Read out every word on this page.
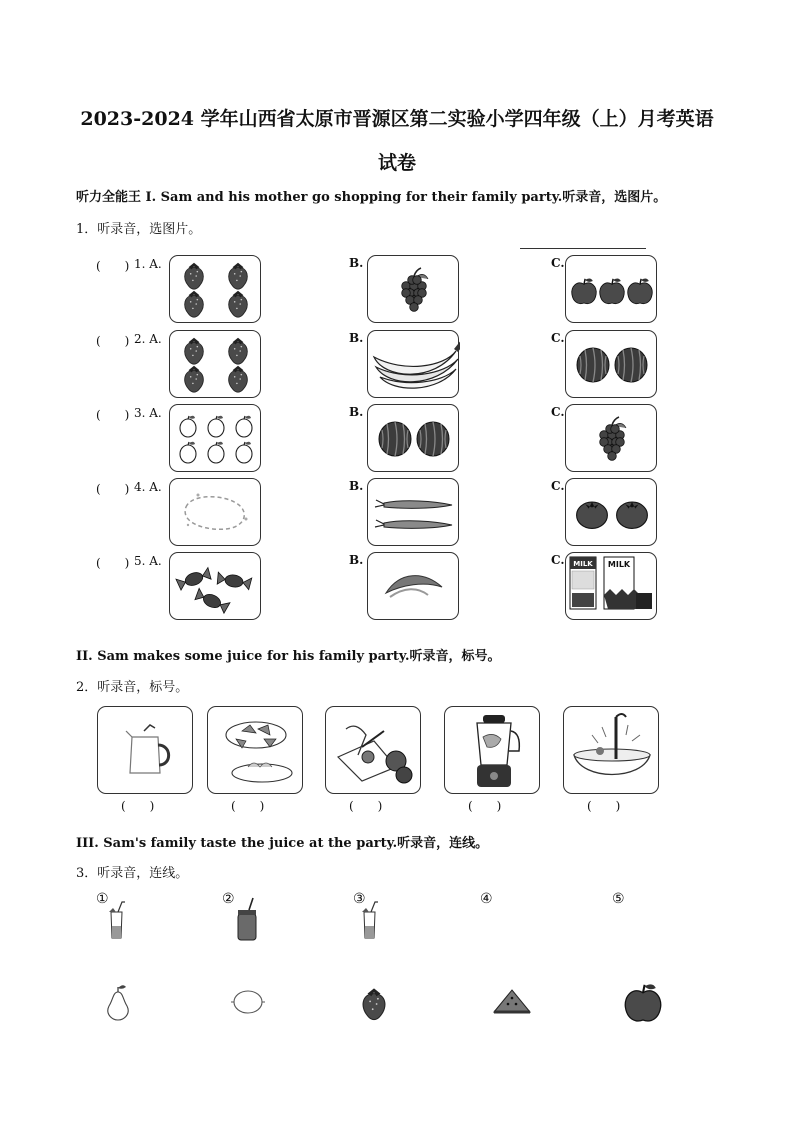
2023-2024 学年山西省太原市晋源区第二实验小学四年级（上）月考英语
试卷
听力全能王 I. Sam and his mother go shopping for their family party.听录音，选图片。
1．听录音，选图片。
(　　) 1. A.	B.	C.
(　　) 2. A.	B.	C.
(　　) 3. A.	B.	C.
(　　) 4. A.	B.	C.
(　　) 5. A.	B.	C. MILK MILK
II. Sam makes some juice for his family party.听录音，标号。
2．听录音，标号。
(　　)	(　　)	(　　)	(　　)	(　　)
III. Sam's family taste the juice at the party.听录音，连线。
3．听录音，连线。
①	②	③	④	⑤
